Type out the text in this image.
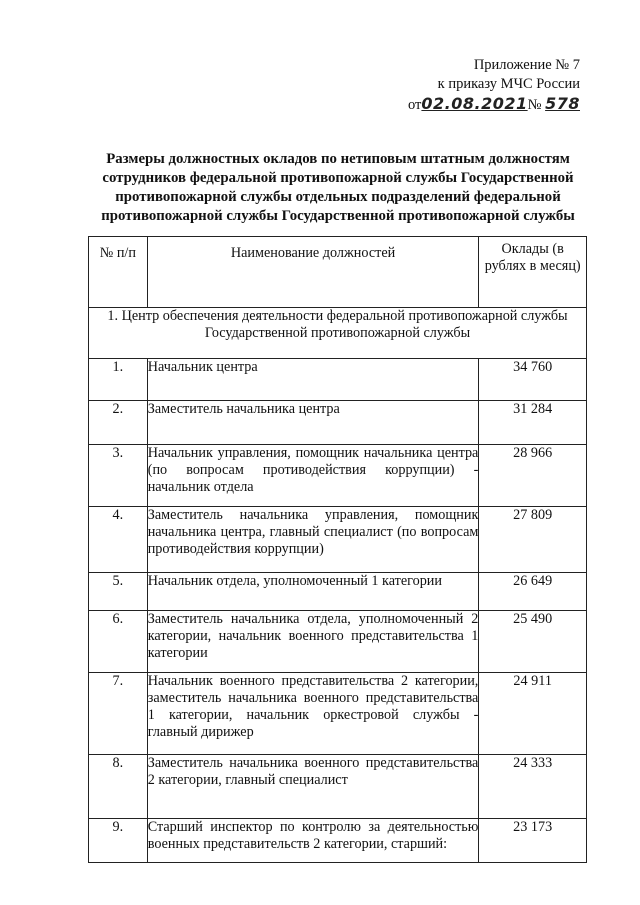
Приложение № 7
к приказу МЧС России
от02.08.2021№ 578
Размеры должностных окладов по нетиповым штатным должностям
сотрудников федеральной противопожарной службы Государственной
противопожарной службы отдельных подразделений федеральной
противопожарной службы Государственной противопожарной службы
№ п/п	Наименование должностей	Оклады (в рублях в месяц)
1. Центр обеспечения деятельности федеральной противопожарной службы Государственной противопожарной службы		
1.	Начальник центра	34 760
2.	Заместитель начальника центра	31 284
3.	Начальник управления, помощник начальника центра (по вопросам противодействия коррупции) - начальник отдела	28 966
4.	Заместитель начальника управления, помощник начальника центра, главный специалист (по вопросам противодействия коррупции)	27 809
5.	Начальник отдела, уполномоченный 1 категории	26 649
6.	Заместитель начальника отдела, уполномоченный 2 категории, начальник военного представительства 1 категории	25 490
7.	Начальник военного представительства 2 категории, заместитель начальника военного представительства 1 категории, начальник оркестровой службы - главный дирижер	24 911
8.	Заместитель начальника военного представительства 2 категории, главный специалист	24 333
9.	Старший инспектор по контролю за деятельностью военных представительств 2 категории, старший:	23 173
